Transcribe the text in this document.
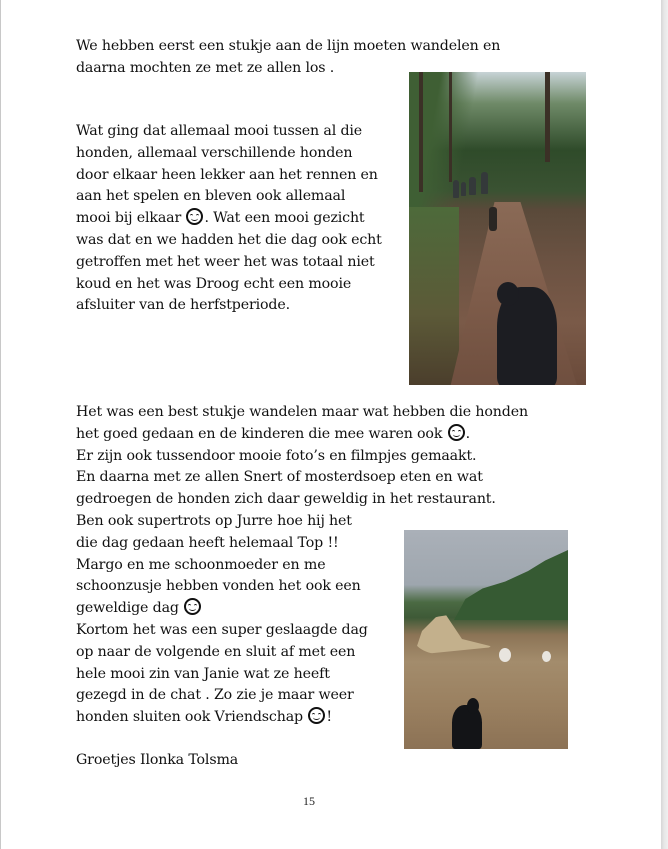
We hebben eerst een stukje aan de lijn moeten wandelen en
daarna mochten ze met ze allen los .
Wat ging dat allemaal mooi tussen al die
honden, allemaal verschillende honden
door elkaar heen lekker aan het rennen en
aan het spelen en bleven ook allemaal
mooi bij elkaar
. Wat een mooi gezicht
was dat en we hadden het die dag ook echt
getroffen met het weer het was totaal niet
koud en het was Droog echt een mooie
afsluiter van de herfstperiode.
Het was een best stukje wandelen maar wat hebben die honden
het goed gedaan en de kinderen die mee waren ook
.
Er zijn ook tussendoor mooie foto’s en filmpjes gemaakt.
En daarna met ze allen Snert of mosterdsoep eten en wat
gedroegen de honden zich daar geweldig in het restaurant.
Ben ook supertrots op Jurre hoe hij het
die dag gedaan heeft helemaal Top !!
Margo en me schoonmoeder en me
schoonzusje hebben vonden het ook een
geweldige dag
Kortom het was een super geslaagde dag
op naar de volgende en sluit af met een
hele mooi zin van Janie wat ze heeft
gezegd in de chat . Zo zie je maar weer
honden sluiten ook Vriendschap
!
Groetjes Ilonka Tolsma
15
